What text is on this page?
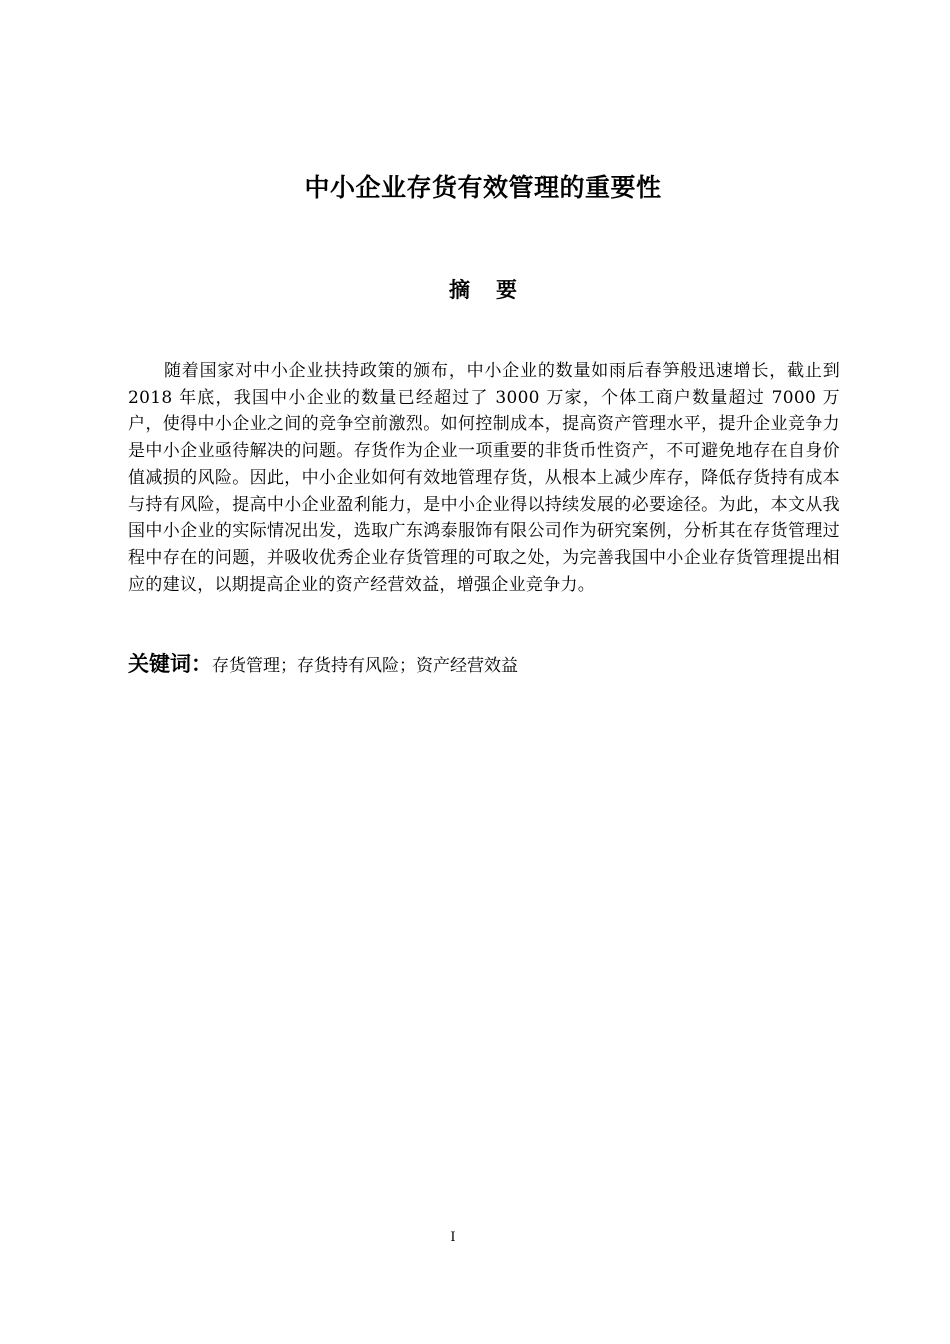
中小企业存货有效管理的重要性
摘 要

随着国家对中小企业扶持政策的颁布，中小企业的数量如雨后春笋般迅速增长，截止到 2018 年底，我国中小企业的数量已经超过了 3000 万家，个体工商户数量超过 7000 万户，使得中小企业之间的竞争空前激烈。如何控制成本，提高资产管理水平，提升企业竞争力是中小企业亟待解决的问题。存货作为企业一项重要的非货币性资产，不可避免地存在自身价值减损的风险。因此，中小企业如何有效地管理存货，从根本上减少库存，降低存货持有成本与持有风险，提高中小企业盈利能力，是中小企业得以持续发展的必要途径。为此，本文从我国中小企业的实际情况出发，选取广东鸿泰服饰有限公司作为研究案例，分析其在存货管理过程中存在的问题，并吸收优秀企业存货管理的可取之处，为完善我国中小企业存货管理提出相应的建议，以期提高企业的资产经营效益，增强企业竞争力。

关键词：存货管理；存货持有风险；资产经营效益
I
